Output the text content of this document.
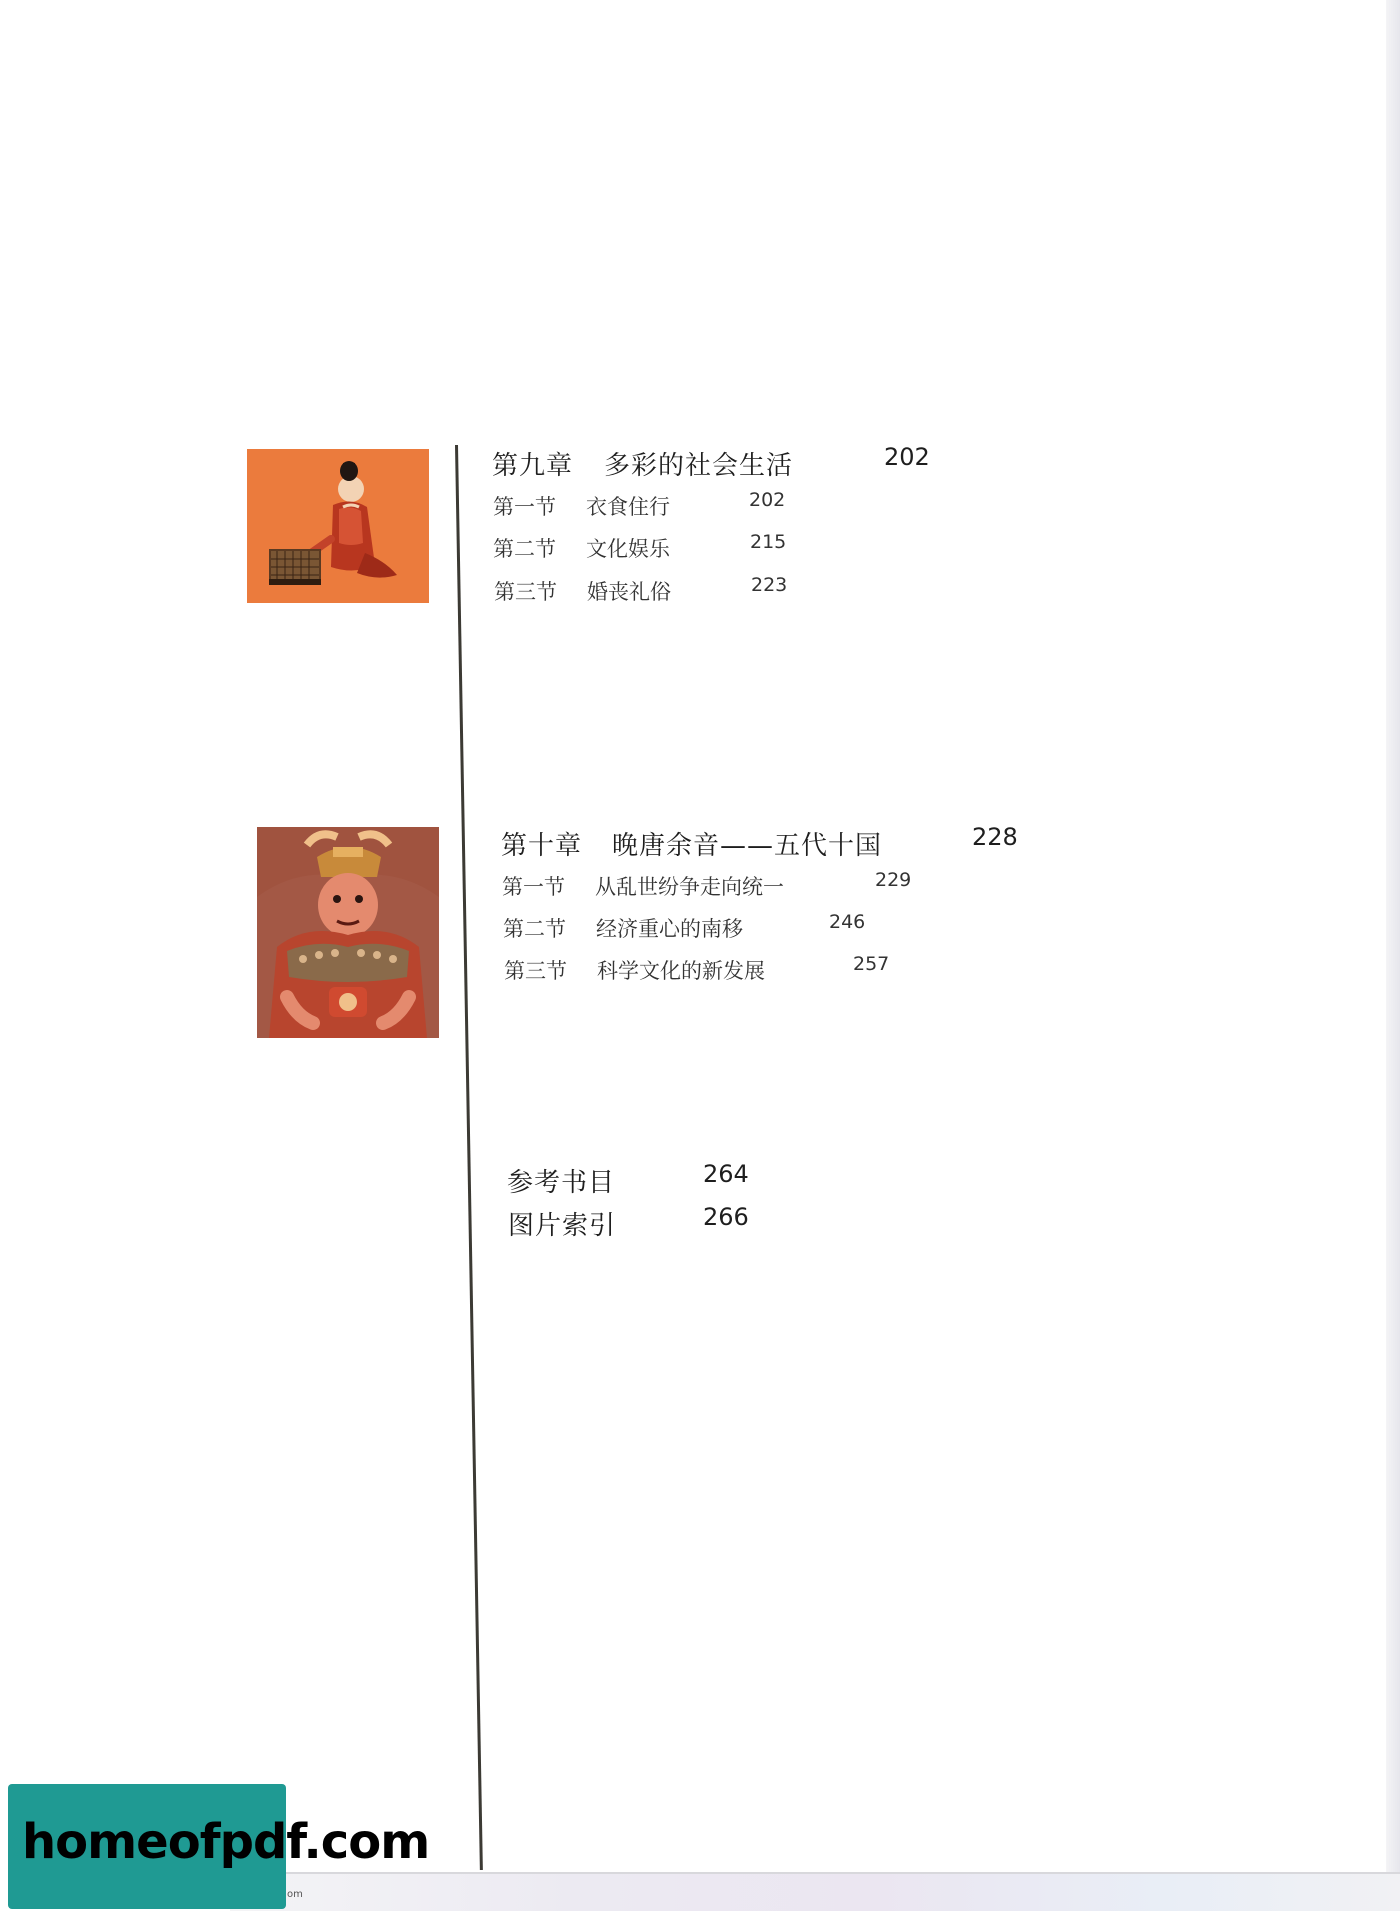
第九章 多彩的社会生活	202
第一节 衣食住行	202
第二节 文化娱乐	215
第三节 婚丧礼俗	223
第十章 晚唐余音——五代十国	228
第一节 从乱世纷争走向统一	229
第二节 经济重心的南移	246
第三节 科学文化的新发展	257
参考书目	264
图片索引	266
homeofpdf.com
om
